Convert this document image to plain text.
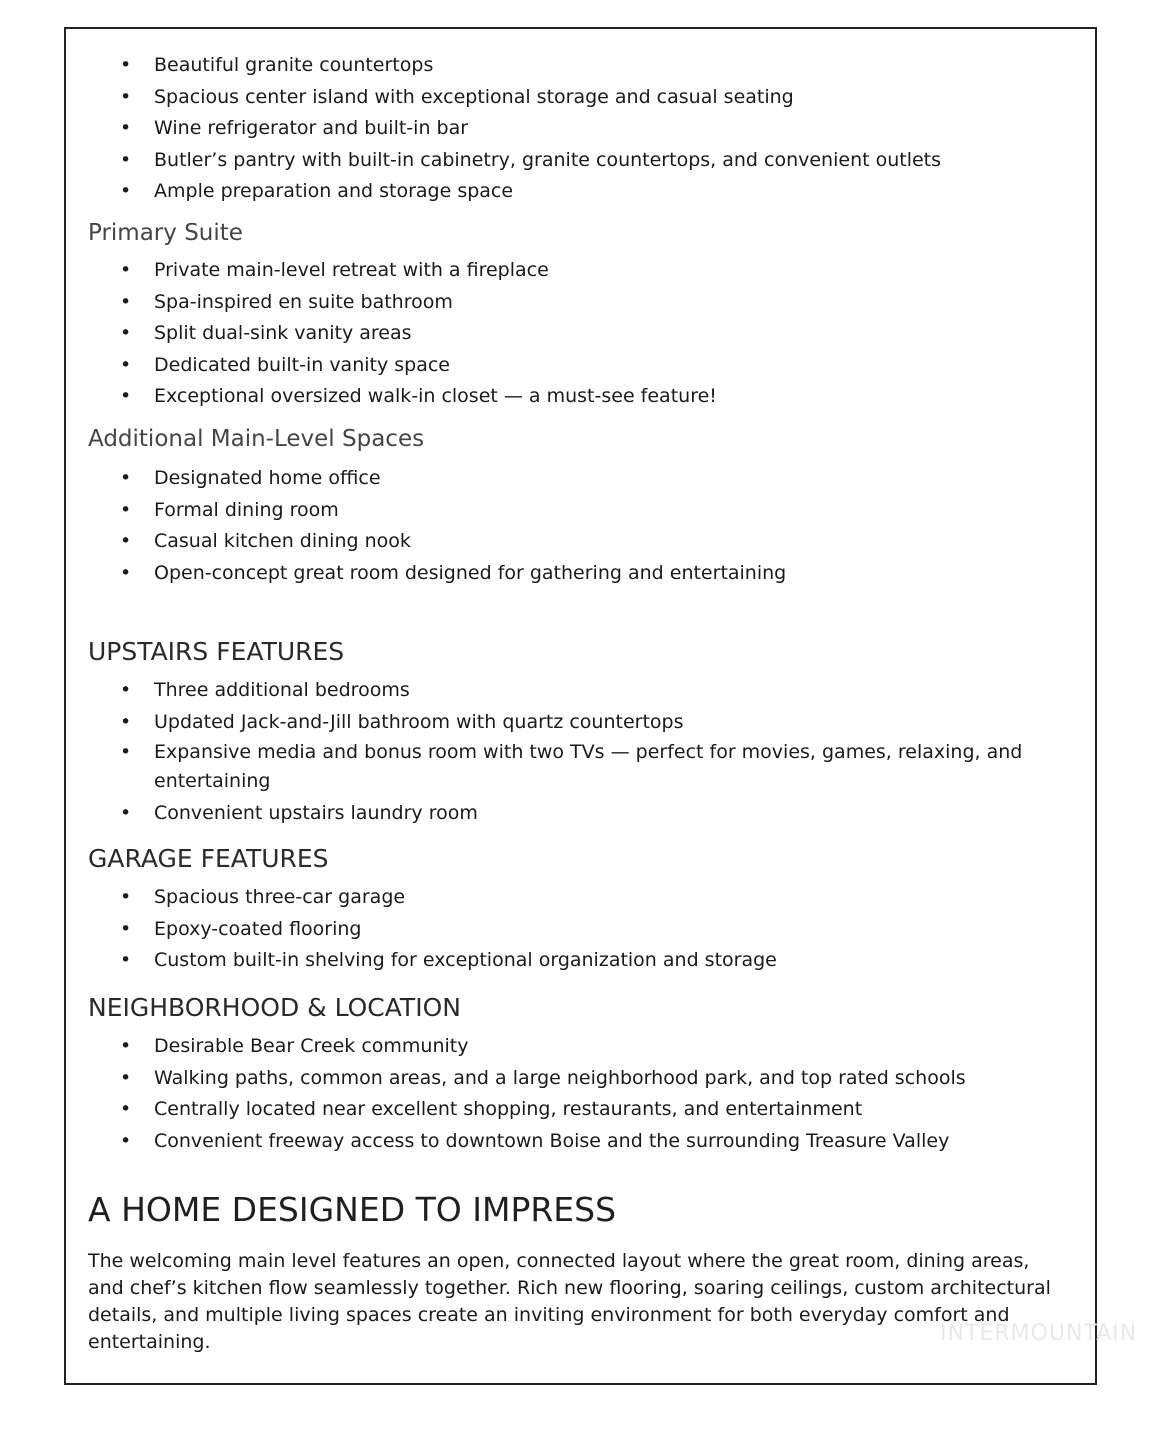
• Beautiful granite countertops
• Spacious center island with exceptional storage and casual seating
• Wine refrigerator and built-in bar
• Butler’s pantry with built-in cabinetry, granite countertops, and convenient outlets
• Ample preparation and storage space
Primary Suite
• Private main-level retreat with a fireplace
• Spa-inspired en suite bathroom
• Split dual-sink vanity areas
• Dedicated built-in vanity space
• Exceptional oversized walk-in closet — a must-see feature!
Additional Main-Level Spaces
• Designated home office
• Formal dining room
• Casual kitchen dining nook
• Open-concept great room designed for gathering and entertaining
UPSTAIRS FEATURES
• Three additional bedrooms
• Updated Jack-and-Jill bathroom with quartz countertops
• Expansive media and bonus room with two TVs — perfect for movies, games, relaxing, and entertaining
• Convenient upstairs laundry room
GARAGE FEATURES
• Spacious three-car garage
• Epoxy-coated flooring
• Custom built-in shelving for exceptional organization and storage
NEIGHBORHOOD & LOCATION
• Desirable Bear Creek community
• Walking paths, common areas, and a large neighborhood park, and top rated schools
• Centrally located near excellent shopping, restaurants, and entertainment
• Convenient freeway access to downtown Boise and the surrounding Treasure Valley
A HOME DESIGNED TO IMPRESS

The welcoming main level features an open, connected layout where the great room, dining areas, and chef’s kitchen flow seamlessly together. Rich new flooring, soaring ceilings, custom architectural details, and multiple living spaces create an inviting environment for both everyday comfort and entertaining.	INTERMOUNTAIN
